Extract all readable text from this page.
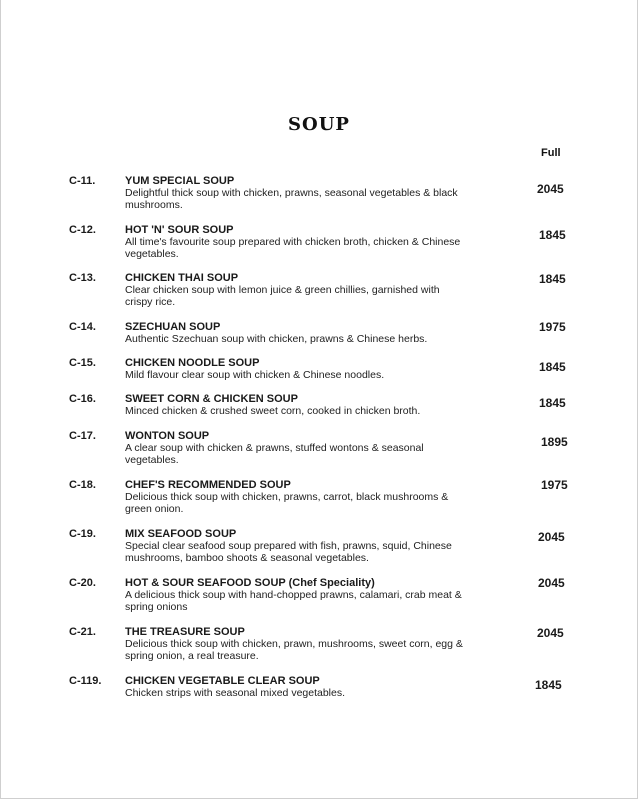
SOUP
Full
C-11.	YUM SPECIAL SOUP
Delightful thick soup with chicken, prawns, seasonal vegetables & black mushrooms.
2045
C-12.	HOT 'N' SOUR SOUP
All time's favourite soup prepared with chicken broth, chicken & Chinese vegetables.
1845
C-13.	CHICKEN THAI SOUP
Clear chicken soup with lemon juice & green chillies, garnished with crispy rice.
1845
C-14.	SZECHUAN SOUP
Authentic Szechuan soup with chicken, prawns & Chinese herbs.
1975
C-15.	CHICKEN NOODLE SOUP
Mild flavour clear soup with chicken & Chinese noodles.
1845
C-16.	SWEET CORN & CHICKEN SOUP
Minced chicken & crushed sweet corn, cooked in chicken broth.
1845
C-17.	WONTON SOUP
A clear soup with chicken & prawns, stuffed wontons & seasonal vegetables.
1895
C-18.	CHEF'S RECOMMENDED SOUP
Delicious thick soup with chicken, prawns, carrot, black mushrooms & green onion.
1975
C-19.	MIX SEAFOOD SOUP
Special clear seafood soup prepared with fish, prawns, squid, Chinese mushrooms, bamboo shoots & seasonal vegetables.
2045
C-20.	HOT & SOUR SEAFOOD SOUP (Chef Speciality)
A delicious thick soup with hand-chopped prawns, calamari, crab meat & spring onions
2045
C-21.	THE TREASURE SOUP
Delicious thick soup with chicken, prawn, mushrooms, sweet corn, egg & spring onion, a real treasure.
2045
C-119. CHICKEN VEGETABLE CLEAR SOUP
Chicken strips with seasonal mixed vegetables.
1845
